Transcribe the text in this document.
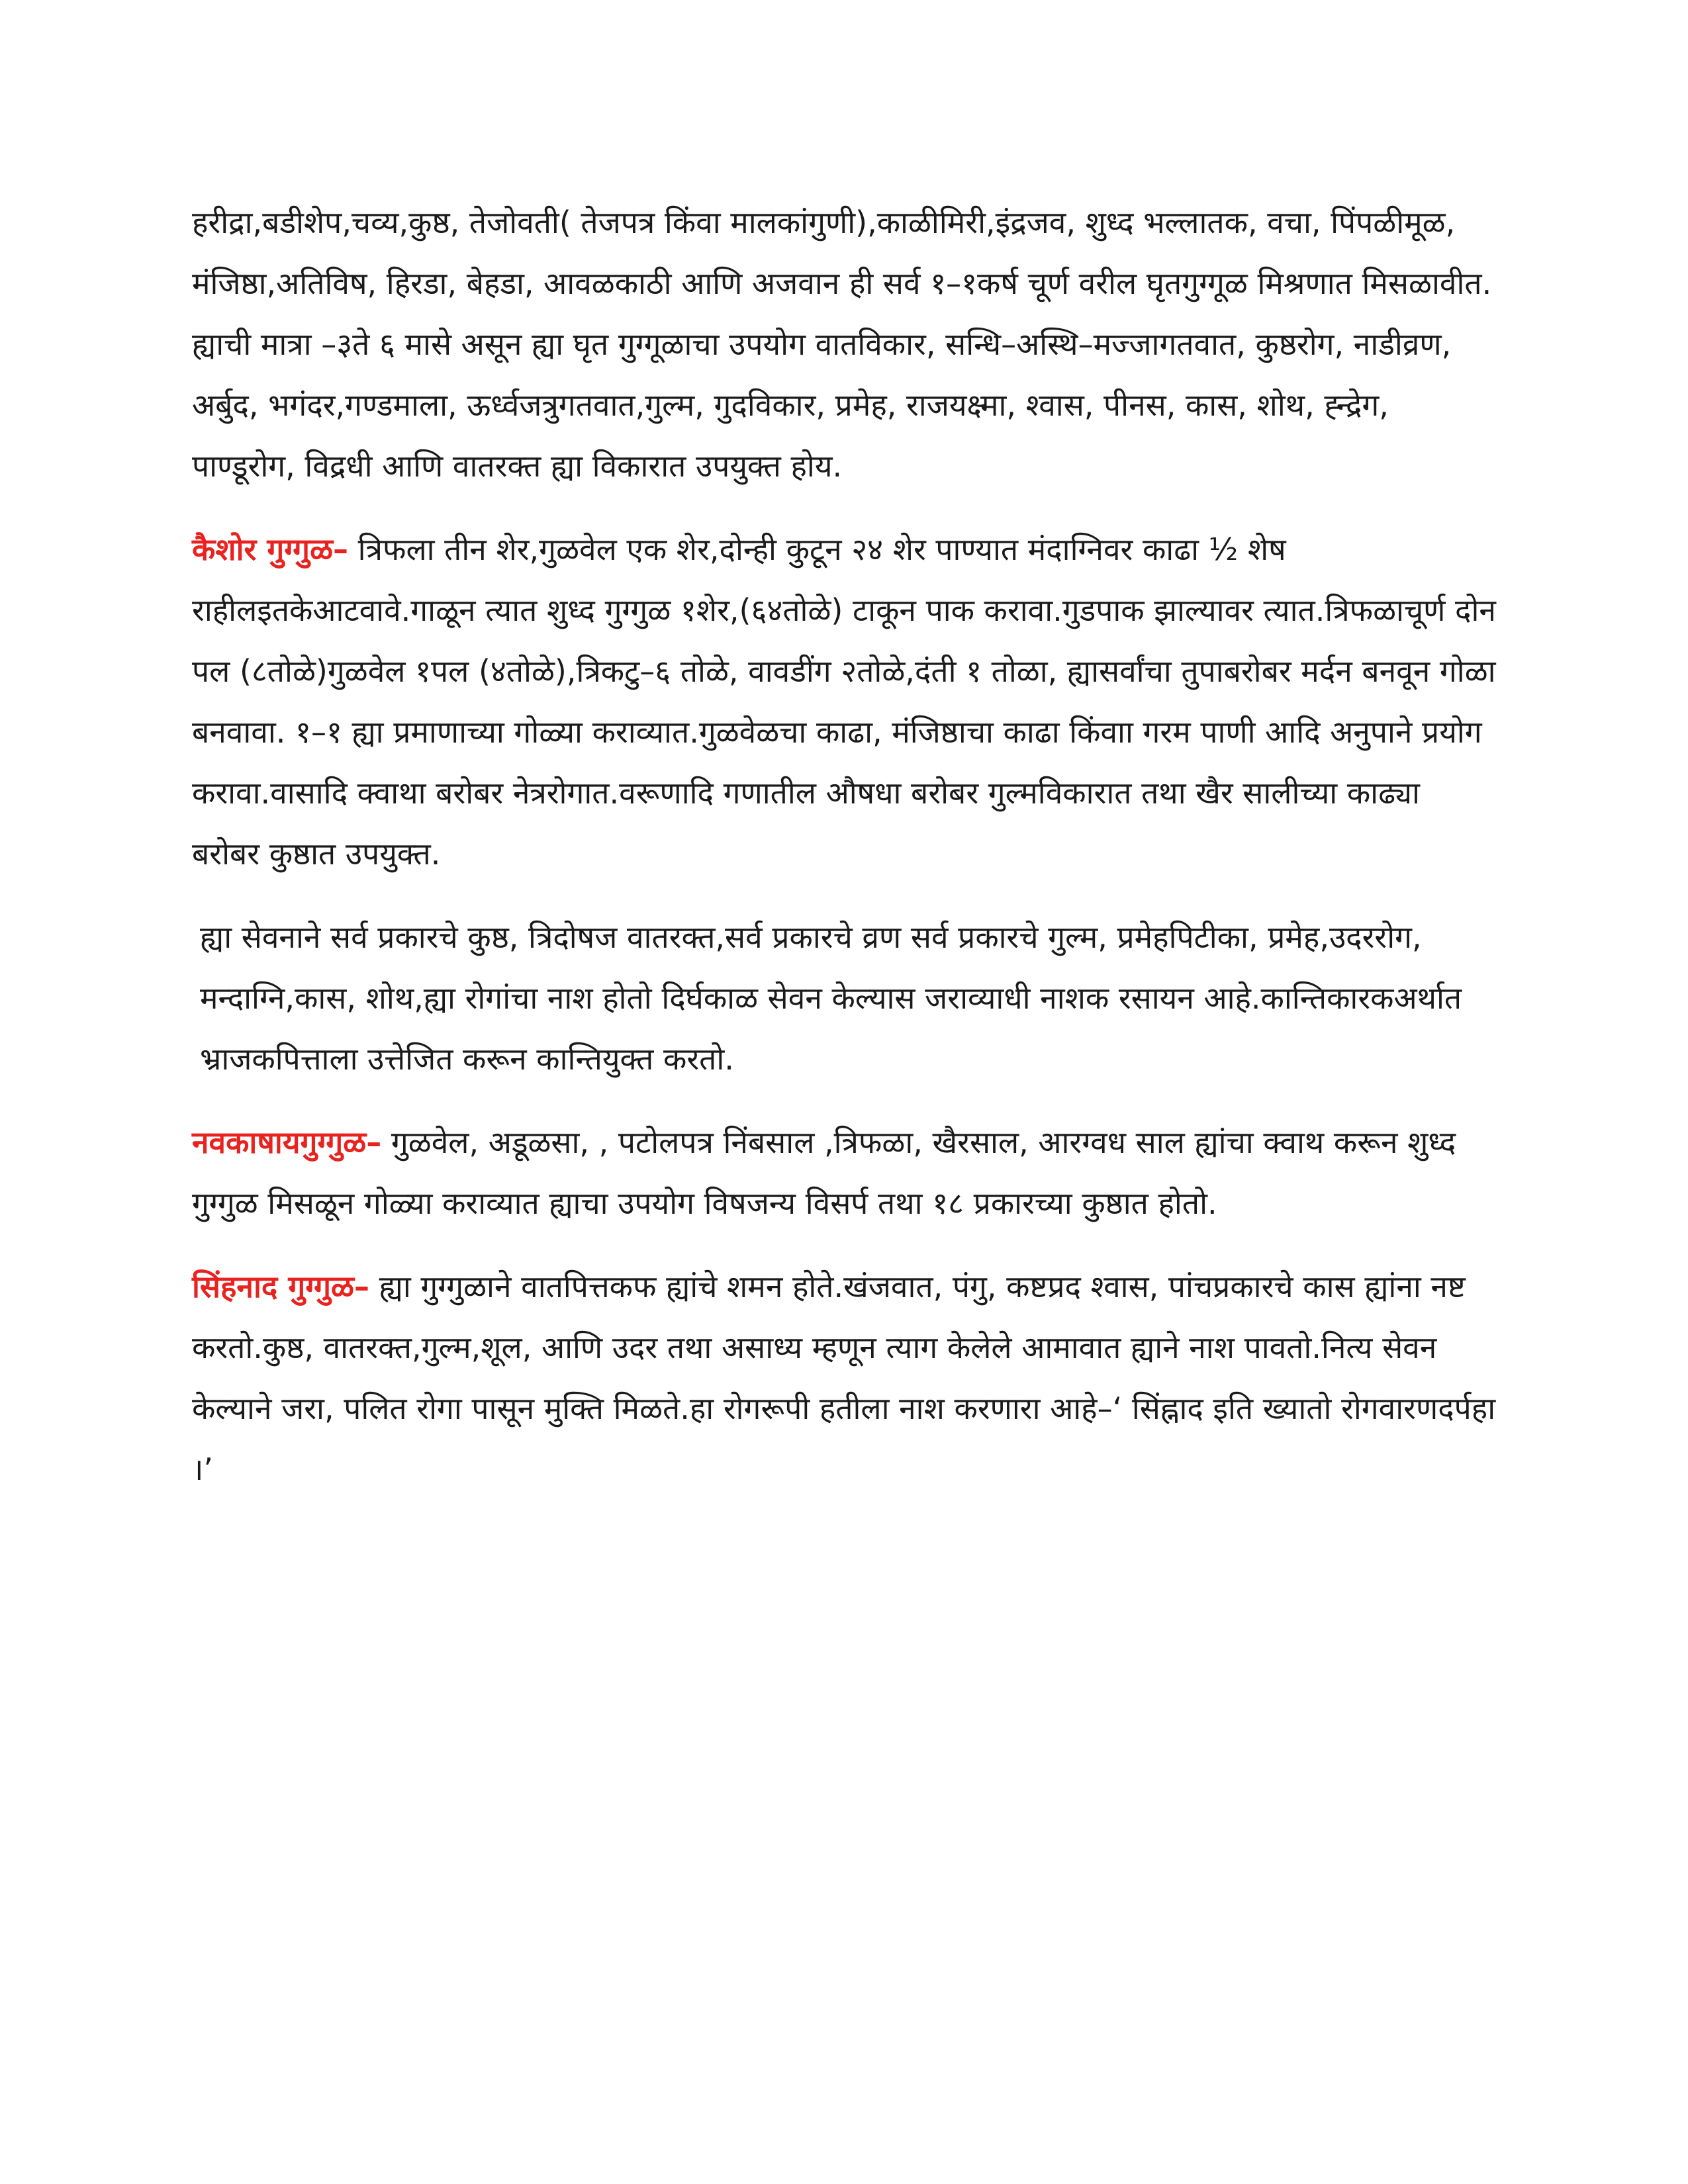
हरीद्रा,बडीशेप,चव्य,कुष्ठ, तेजोवती( तेजपत्र किंवा मालकांगुणी),काळीमिरी,इंद्रजव, शुध्द भल्लातक, वचा, पिंपळीमूळ, मंजिष्ठा,अतिविष, हिरडा, बेहडा, आवळकाठी आणि अजवान ही सर्व १–१कर्ष चूर्ण वरील घृतगुग्गूळ मिश्रणात मिसळावीत. ह्याची मात्रा –३ते ६ मासे असून ह्या घृत गुग्गूळाचा उपयोग वातविकार, सन्धि–अस्थि–मज्जागतवात, कुष्ठरोग, नाडीव्रण, अर्बुद, भगंदर,गण्डमाला, ऊर्ध्वजत्रुगतवात,गुल्म, गुदविकार, प्रमेह, राजयक्ष्मा, श्वास, पीनस, कास, शोथ, ह्न्द्रेग, पाण्डूरोग, विद्रधी आणि वातरक्त ह्या विकारात उपयुक्त होय.

कैशोर गुग्गुळ– त्रिफला तीन शेर,गुळवेल एक शेर,दोन्ही कुटून २४ शेर पाण्यात मंदाग्निवर काढा ½ शेष राहीलइतकेआटवावे.गाळून त्यात शुध्द गुग्गुळ १शेर,(६४तोळे) टाकून पाक करावा.गुडपाक झाल्यावर त्यात.त्रिफळाचूर्ण दोन पल (८तोळे)गुळवेल १पल (४तोळे),त्रिकटु–६ तोळे, वावडींग २तोळे,दंती १ तोळा, ह्यासर्वांचा तुपाबरोबर मर्दन बनवून गोळा बनवावा. १–१ ह्या प्रमाणाच्या गोळ्या कराव्यात.गुळवेळचा काढा, मंजिष्ठाचा काढा किंवाा गरम पाणी आदि अनुपाने प्रयोग करावा.वासादि क्वाथा बरोबर नेत्ररोगात.वरूणादि गणातील औषधा बरोबर गुल्मविकारात तथा खैर सालीच्या काढ्या बरोबर कुष्ठात उपयुक्त.

ह्या सेवनाने सर्व प्रकारचे कुष्ठ, त्रिदोषज वातरक्त,सर्व प्रकारचे व्रण सर्व प्रकारचे गुल्म, प्रमेहपिटीका, प्रमेह,उदररोग, मन्दाग्नि,कास, शोथ,ह्या रोगांचा नाश होतो दिर्घकाळ सेवन केल्यास जराव्याधी नाशक रसायन आहे.कान्तिकारकअर्थात भ्राजकपित्ताला उत्तेजित करून कान्तियुक्त करतो.

नवकाषायगुग्गुळ– गुळवेल, अडूळसा, , पटोलपत्र निंबसाल ,त्रिफळा, खैरसाल, आरग्वध साल ह्यांचा क्वाथ करून शुध्द गुग्गुळ मिसळून गोळ्या कराव्यात ह्याचा उपयोग विषजन्य विसर्प तथा १८ प्रकारच्या कुष्ठात होतो.

सिंहनाद गुग्गुळ– ह्या गुग्गुळाने वातपित्तकफ ह्यांचे शमन होते.खंजवात, पंगु, कष्टप्रद श्वास, पांचप्रकारचे कास ह्यांना नष्ट करतो.कुष्ठ, वातरक्त,गुल्म,शूल, आणि उदर तथा असाध्य म्हणून त्याग केलेले आमावात ह्याने नाश पावतो.नित्य सेवन केल्याने जरा, पलित रोगा पासून मुक्ति मिळते.हा रोगरूपी हतीला नाश करणारा आहे–‘ सिंह्नाद इति ख्यातो रोगवारणदर्पहा ।’
